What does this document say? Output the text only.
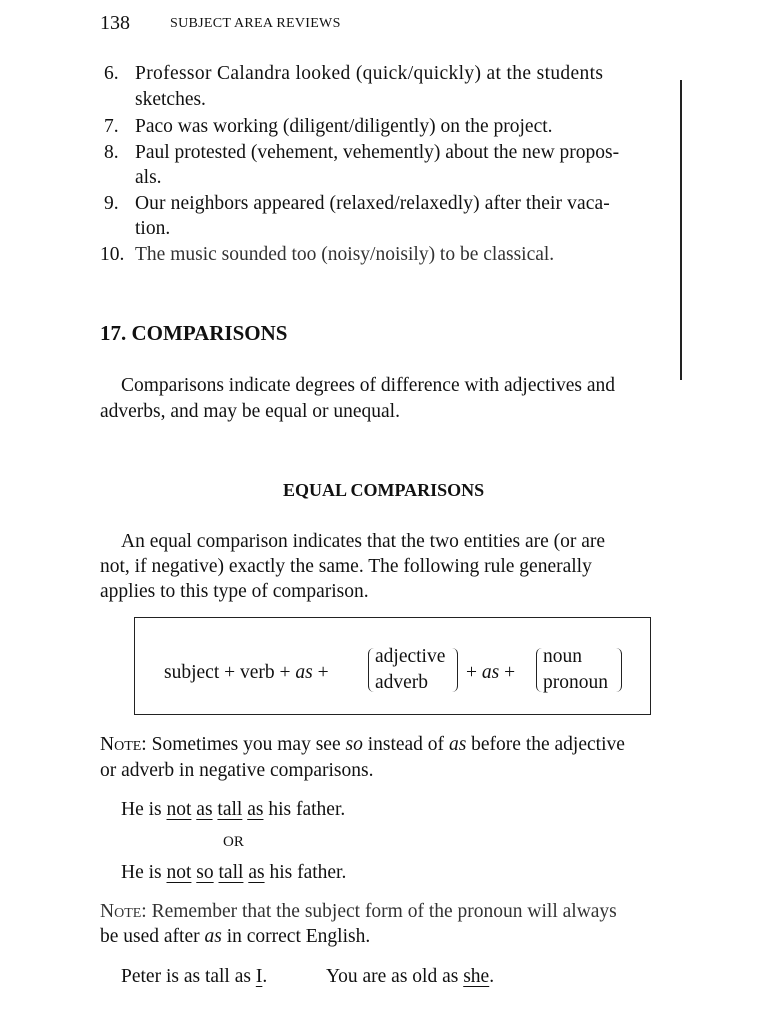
138	SUBJECT AREA REVIEWS
6. Professor Calandra looked (quick/quickly) at the students
sketches.
7. Paco was working (diligent/diligently) on the project.
8. Paul protested (vehement, vehemently) about the new propos-
als.
9. Our neighbors appeared (relaxed/relaxedly) after their vaca-
tion.
10. The music sounded too (noisy/noisily) to be classical.
17. COMPARISONS
Comparisons indicate degrees of difference with adjectives and
adverbs, and may be equal or unequal.
EQUAL COMPARISONS
An equal comparison indicates that the two entities are (or are
not, if negative) exactly the same. The following rule generally
applies to this type of comparison.
subject + verb + as +
adjective
adverb + as +
noun
pronoun
Note: Sometimes you may see so instead of as before the adjective
or adverb in negative comparisons.
He is not as tall as his father.
OR
He is not so tall as his father.
Note: Remember that the subject form of the pronoun will always
be used after as in correct English.
Peter is as tall as I.	You are as old as she.
